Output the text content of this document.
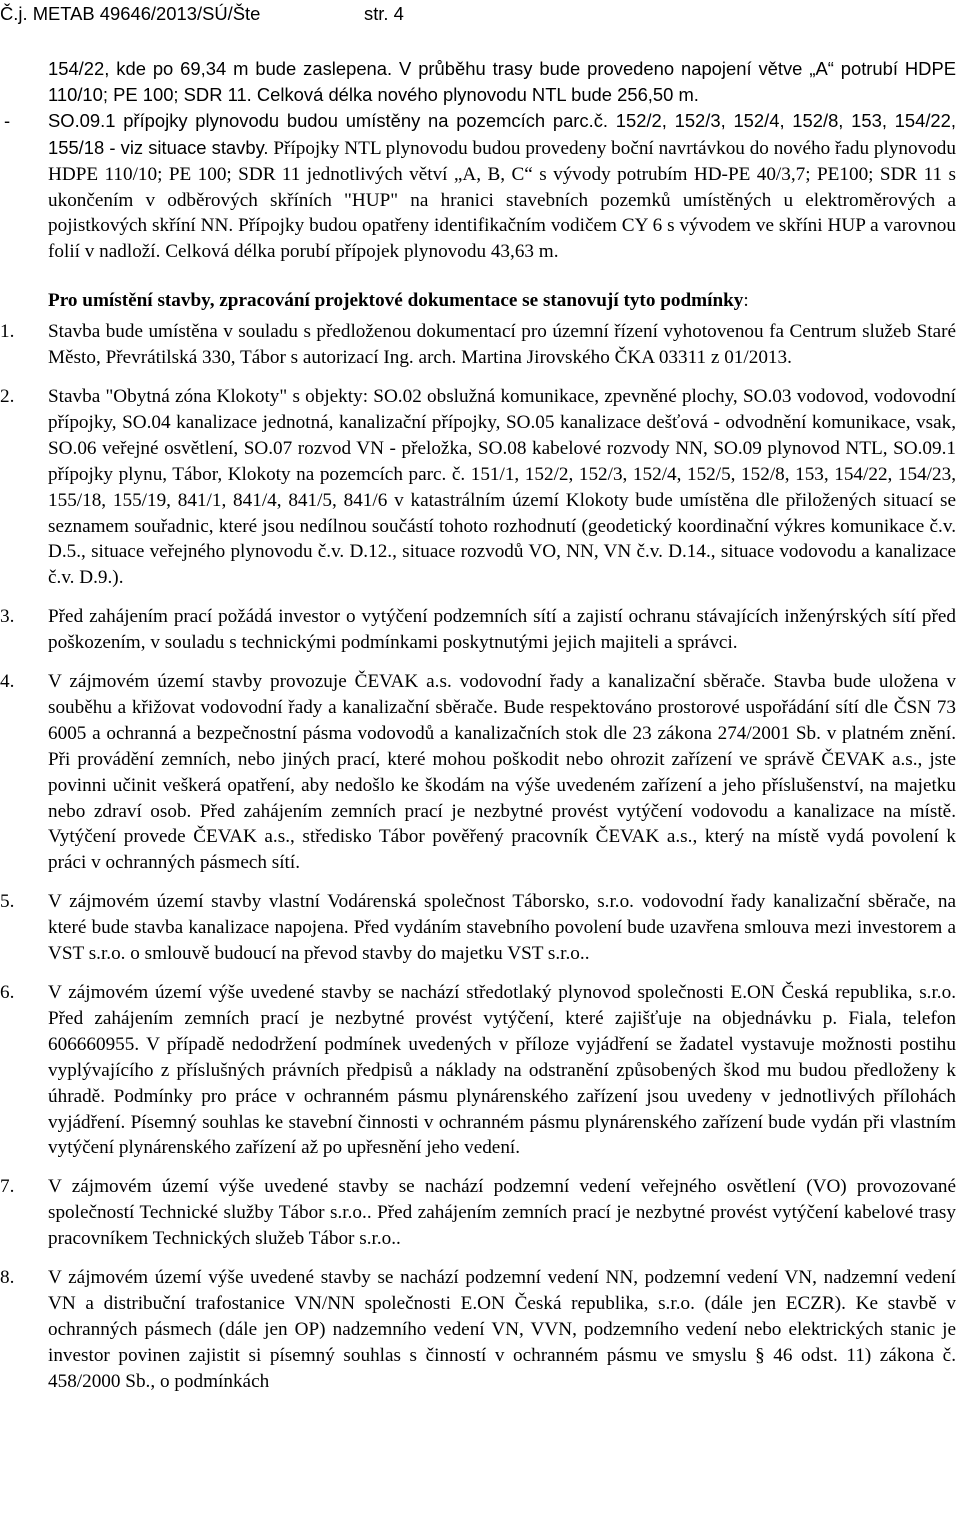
Č.j. METAB 49646/2013/SÚ/Šte	str. 4

154/22, kde po 69,34 m bude zaslepena. V průběhu trasy bude provedeno napojení větve „A“ potrubí HDPE 110/10; PE 100; SDR 11. Celková délka nového plynovodu NTL bude 256,50 m.

-	SO.09.1 přípojky plynovodu budou umístěny na pozemcích parc.č. 152/2, 152/3, 152/4, 152/8, 153, 154/22, 155/18 - viz situace stavby. Přípojky NTL plynovodu budou provedeny boční navrtávkou do nového řadu plynovodu HDPE 110/10; PE 100; SDR 11 jednotlivých větví „A, B, C“ s vývody potrubím HD-PE 40/3,7; PE100; SDR 11 s ukončením v odběrových skříních "HUP" na hranici stavebních pozemků umístěných u elektroměrových a pojistkových skříní NN. Přípojky budou opatřeny identifikačním vodičem CY 6 s vývodem ve skříni HUP a varovnou folií v nadloží. Celková délka porubí přípojek plynovodu 43,63 m.

Pro umístění stavby, zpracování projektové dokumentace se stanovují tyto podmínky:

1.	Stavba bude umístěna v souladu s předloženou dokumentací pro územní řízení vyhotovenou fa Centrum služeb Staré Město, Převrátilská 330, Tábor s autorizací Ing. arch. Martina Jirovského ČKA 03311 z 01/2013.
2.	Stavba "Obytná zóna Klokoty" s objekty: SO.02 obslužná komunikace, zpevněné plochy, SO.03 vodovod, vodovodní přípojky, SO.04 kanalizace jednotná, kanalizační přípojky, SO.05 kanalizace dešťová - odvodnění komunikace, vsak, SO.06 veřejné osvětlení, SO.07 rozvod VN - přeložka, SO.08 kabelové rozvody NN, SO.09 plynovod NTL, SO.09.1 přípojky plynu, Tábor, Klokoty na pozemcích parc. č. 151/1, 152/2, 152/3, 152/4, 152/5, 152/8, 153, 154/22, 154/23, 155/18, 155/19, 841/1, 841/4, 841/5, 841/6 v katastrálním území Klokoty bude umístěna dle přiložených situací se seznamem souřadnic, které jsou nedílnou součástí tohoto rozhodnutí (geodetický koordinační výkres komunikace č.v. D.5., situace veřejného plynovodu č.v. D.12., situace rozvodů VO, NN, VN č.v. D.14., situace vodovodu a kanalizace č.v. D.9.).
3.	Před zahájením prací požádá investor o vytýčení podzemních sítí a zajistí ochranu stávajících inženýrských sítí před poškozením, v souladu s technickými podmínkami poskytnutými jejich majiteli a správci.
4.	V zájmovém území stavby provozuje ČEVAK a.s. vodovodní řady a kanalizační sběrače. Stavba bude uložena v souběhu a křižovat vodovodní řady a kanalizační sběrače. Bude respektováno prostorové uspořádání sítí dle ČSN 73 6005 a ochranná a bezpečnostní pásma vodovodů a kanalizačních stok dle 23 zákona 274/2001 Sb. v platném znění. Při provádění zemních, nebo jiných prací, které mohou poškodit nebo ohrozit zařízení ve správě ČEVAK a.s., jste povinni učinit veškerá opatření, aby nedošlo ke škodám na výše uvedeném zařízení a jeho příslušenství, na majetku nebo zdraví osob. Před zahájením zemních prací je nezbytné provést vytýčení vodovodu a kanalizace na místě. Vytýčení provede ČEVAK a.s., středisko Tábor pověřený pracovník ČEVAK a.s., který na místě vydá povolení k práci v ochranných pásmech sítí.
5.	V zájmovém území stavby vlastní Vodárenská společnost Táborsko, s.r.o. vodovodní řady kanalizační sběrače, na které bude stavba kanalizace napojena. Před vydáním stavebního povolení bude uzavřena smlouva mezi investorem a VST s.r.o. o smlouvě budoucí na převod stavby do majetku VST s.r.o..
6.	V zájmovém území výše uvedené stavby se nachází středotlaký plynovod společnosti E.ON Česká republika, s.r.o. Před zahájením zemních prací je nezbytné provést vytýčení, které zajišťuje na objednávku p. Fiala, telefon 606660955. V případě nedodržení podmínek uvedených v příloze vyjádření se žadatel vystavuje možnosti postihu vyplývajícího z příslušných právních předpisů a náklady na odstranění způsobených škod mu budou předloženy k úhradě. Podmínky pro práce v ochranném pásmu plynárenského zařízení jsou uvedeny v jednotlivých přílohách vyjádření. Písemný souhlas ke stavební činnosti v ochranném pásmu plynárenského zařízení bude vydán při vlastním vytýčení plynárenského zařízení až po upřesnění jeho vedení.
7.	V zájmovém území výše uvedené stavby se nachází podzemní vedení veřejného osvětlení (VO) provozované společností Technické služby Tábor s.r.o.. Před zahájením zemních prací je nezbytné provést vytýčení kabelové trasy pracovníkem Technických služeb Tábor s.r.o..
8.	V zájmovém území výše uvedené stavby se nachází podzemní vedení NN, podzemní vedení VN, nadzemní vedení VN a distribuční trafostanice VN/NN společnosti E.ON Česká republika, s.r.o. (dále jen ECZR). Ke stavbě v ochranných pásmech (dále jen OP) nadzemního vedení VN, VVN, podzemního vedení nebo elektrických stanic je investor povinen zajistit si písemný souhlas s činností v ochranném pásmu ve smyslu § 46 odst. 11) zákona č. 458/2000 Sb., o podmínkách
